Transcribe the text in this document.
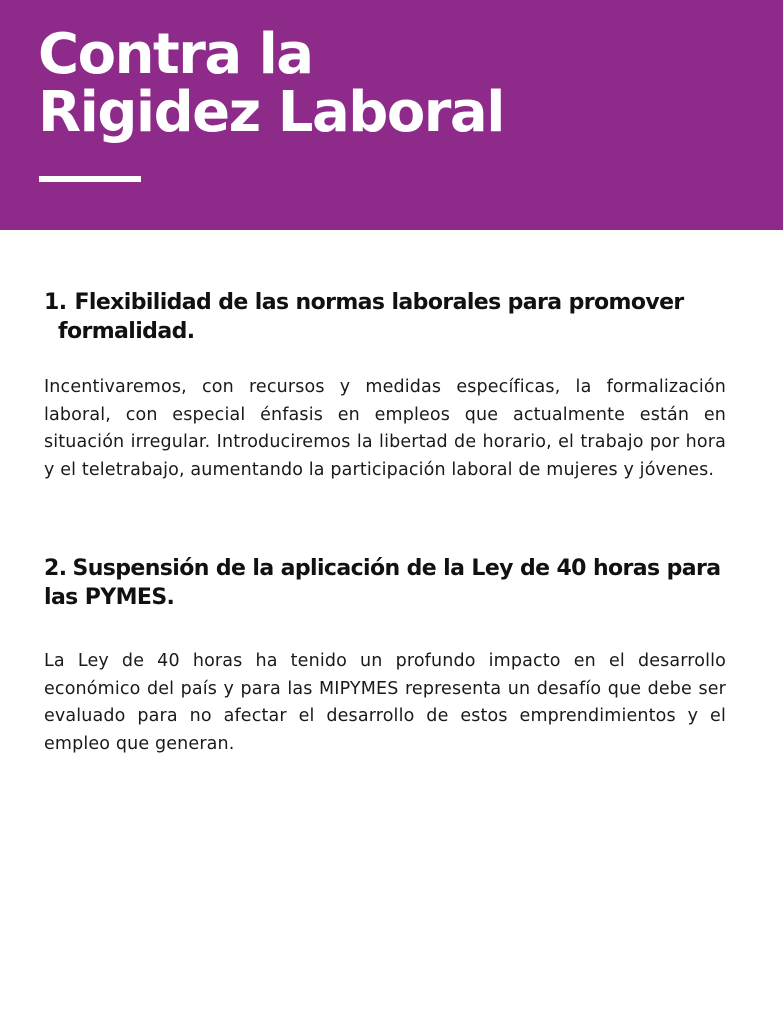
Contra la
Rigidez Laboral
1. Flexibilidad de las normas laborales para promover formalidad.

Incentivaremos, con recursos y medidas específicas, la formalización laboral, con especial énfasis en empleos que actualmente están en situación irregular. Introduciremos la libertad de horario, el trabajo por hora y el teletrabajo, aumentando la participación laboral de mujeres y jóvenes.

2. Suspensión de la aplicación de la Ley de 40 horas para las PYMES.

La Ley de 40 horas ha tenido un profundo impacto en el desarrollo económico del país y para las MIPYMES representa un desafío que debe ser evaluado para no afectar el desarrollo de estos emprendimientos y el empleo que generan.
